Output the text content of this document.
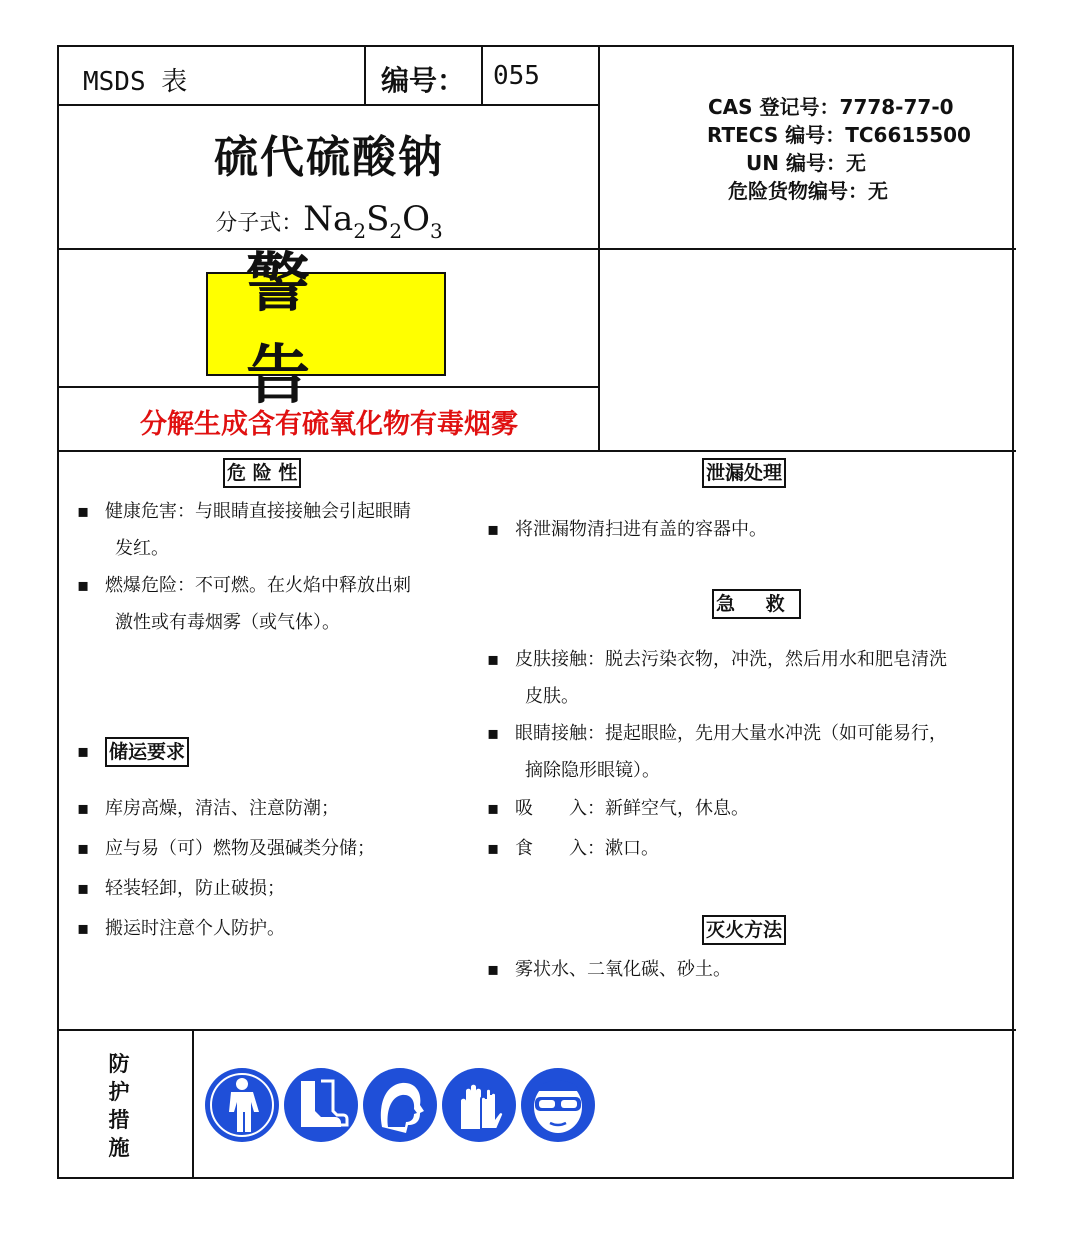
MSDS 表	编号： 055
硫代硫酸钠
分子式：$Na_2S_2O_3$
CAS 登记号：7778-77-0
RTECS 编号：TC6615500
UN 编号：无
危险货物编号：无
警告
分解生成含有硫氧化物有毒烟雾
危 险 性
▪ 健康危害：与眼睛直接接触会引起眼睛
发红。
▪ 燃爆危险：不可燃。在火焰中释放出刺
激性或有毒烟雾（或气体）。
▪ 储运要求
▪ 库房高燥，清洁、注意防潮；
▪ 应与易（可）燃物及强碱类分储；
▪ 轻装轻卸，防止破损；
▪ 搬运时注意个人防护。
泄漏处理
▪ 将泄漏物清扫进有盖的容器中。
急 救
▪ 皮肤接触：脱去污染衣物，冲洗，然后用水和肥皂清洗
皮肤。
▪ 眼睛接触：提起眼睑，先用大量水冲洗（如可能易行，
摘除隐形眼镜）。
▪ 吸　　入：新鲜空气，休息。
▪ 食　　入：漱口。
灭火方法
▪ 雾状水、二氧化碳、砂土。
防
护
措
施
